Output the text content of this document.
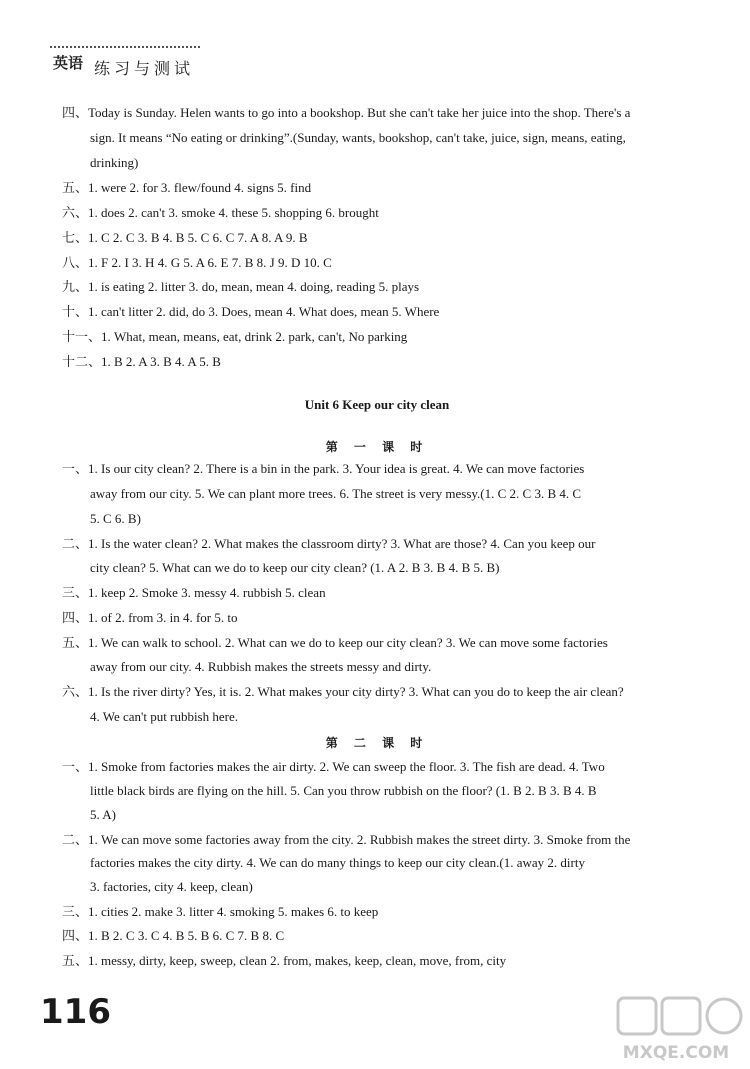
英语 练习与测试
四、Today is Sunday. Helen wants to go into a bookshop. But she can't take her juice into the shop. There's a
sign. It means “No eating or drinking”.(Sunday, wants, bookshop, can't take, juice, sign, means, eating,
drinking)
五、1. were 2. for 3. flew/found 4. signs 5. find
六、1. does 2. can't 3. smoke 4. these 5. shopping 6. brought
七、1. C 2. C 3. B 4. B 5. C 6. C 7. A 8. A 9. B
八、1. F 2. I 3. H 4. G 5. A 6. E 7. B 8. J 9. D 10. C
九、1. is eating 2. litter 3. do, mean, mean 4. doing, reading 5. plays
十、1. can't litter 2. did, do 3. Does, mean 4. What does, mean 5. Where
十一、1. What, mean, means, eat, drink 2. park, can't, No parking
十二、1. B 2. A 3. B 4. A 5. B
Unit 6 Keep our city clean
第 一 课 时
一、1. Is our city clean? 2. There is a bin in the park. 3. Your idea is great. 4. We can move factories
away from our city. 5. We can plant more trees. 6. The street is very messy.(1. C 2. C 3. B 4. C
5. C 6. B)
二、1. Is the water clean? 2. What makes the classroom dirty? 3. What are those? 4. Can you keep our
city clean? 5. What can we do to keep our city clean? (1. A 2. B 3. B 4. B 5. B)
三、1. keep 2. Smoke 3. messy 4. rubbish 5. clean
四、1. of 2. from 3. in 4. for 5. to
五、1. We can walk to school. 2. What can we do to keep our city clean? 3. We can move some factories
away from our city. 4. Rubbish makes the streets messy and dirty.
六、1. Is the river dirty? Yes, it is. 2. What makes your city dirty? 3. What can you do to keep the air clean?
4. We can't put rubbish here.
第 二 课 时
一、1. Smoke from factories makes the air dirty. 2. We can sweep the floor. 3. The fish are dead. 4. Two
little black birds are flying on the hill. 5. Can you throw rubbish on the floor? (1. B 2. B 3. B 4. B
5. A)
二、1. We can move some factories away from the city. 2. Rubbish makes the street dirty. 3. Smoke from the
factories makes the city dirty. 4. We can do many things to keep our city clean.(1. away 2. dirty
3. factories, city 4. keep, clean)
三、1. cities 2. make 3. litter 4. smoking 5. makes 6. to keep
四、1. B 2. C 3. C 4. B 5. B 6. C 7. B 8. C
五、1. messy, dirty, keep, sweep, clean 2. from, makes, keep, clean, move, from, city
116
MXQE.COM
